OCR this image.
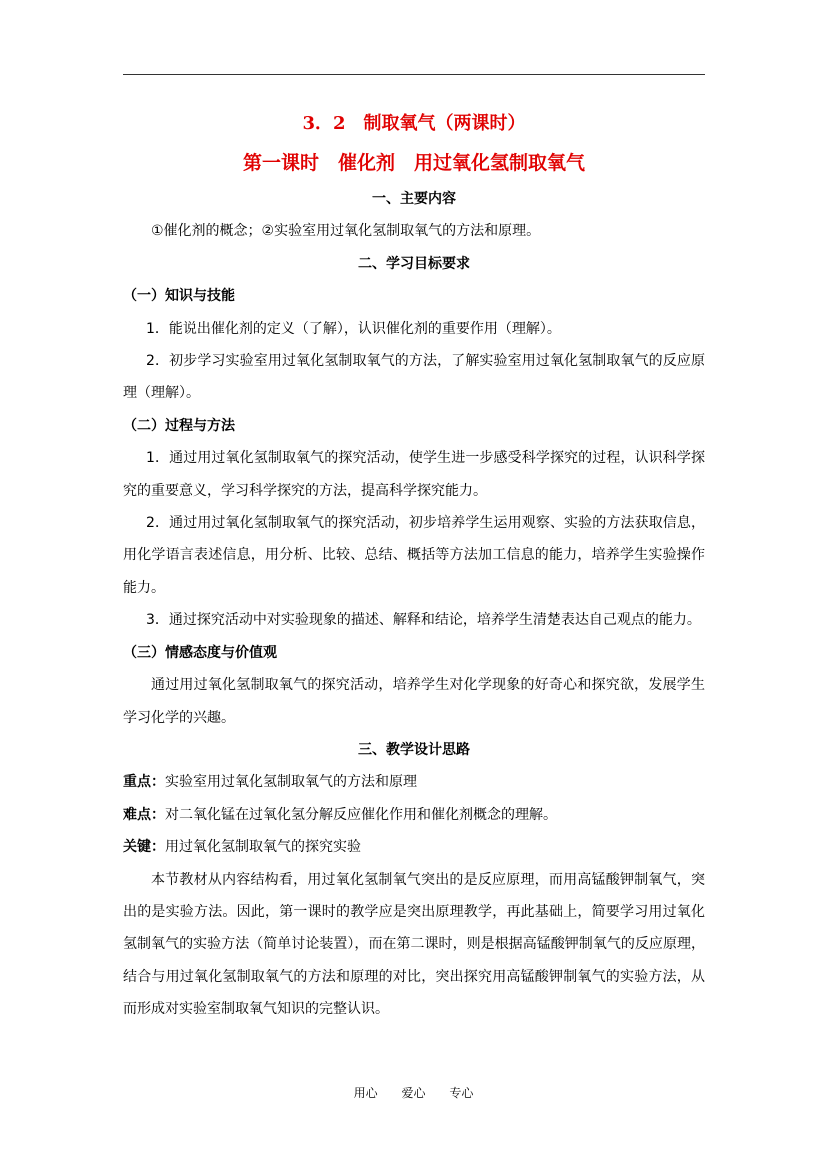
3．2　制取氧气（两课时）
第一课时　催化剂　用过氧化氢制取氧气
一、主要内容
①催化剂的概念；②实验室用过氧化氢制取氧气的方法和原理。
二、学习目标要求
（一）知识与技能
1．能说出催化剂的定义（了解），认识催化剂的重要作用（理解）。
2．初步学习实验室用过氧化氢制取氧气的方法，了解实验室用过氧化氢制取氧气的反应原理（理解）。
（二）过程与方法
1．通过用过氧化氢制取氧气的探究活动，使学生进一步感受科学探究的过程，认识科学探究的重要意义，学习科学探究的方法，提高科学探究能力。
2．通过用过氧化氢制取氧气的探究活动，初步培养学生运用观察、实验的方法获取信息，用化学语言表述信息，用分析、比较、总结、概括等方法加工信息的能力，培养学生实验操作能力。
3．通过探究活动中对实验现象的描述、解释和结论，培养学生清楚表达自己观点的能力。
（三）情感态度与价值观
通过用过氧化氢制取氧气的探究活动，培养学生对化学现象的好奇心和探究欲，发展学生学习化学的兴趣。
三、教学设计思路
重点：实验室用过氧化氢制取氧气的方法和原理
难点：对二氧化锰在过氧化氢分解反应催化作用和催化剂概念的理解。
关键：用过氧化氢制取氧气的探究实验
本节教材从内容结构看，用过氧化氢制氧气突出的是反应原理，而用高锰酸钾制氧气，突出的是实验方法。因此，第一课时的教学应是突出原理教学，再此基础上，简要学习用过氧化氢制氧气的实验方法（简单讨论装置），而在第二课时，则是根据高锰酸钾制氧气的反应原理，结合与用过氧化氢制取氧气的方法和原理的对比，突出探究用高锰酸钾制氧气的实验方法，从而形成对实验室制取氧气知识的完整认识。
用心 爱心 专心
